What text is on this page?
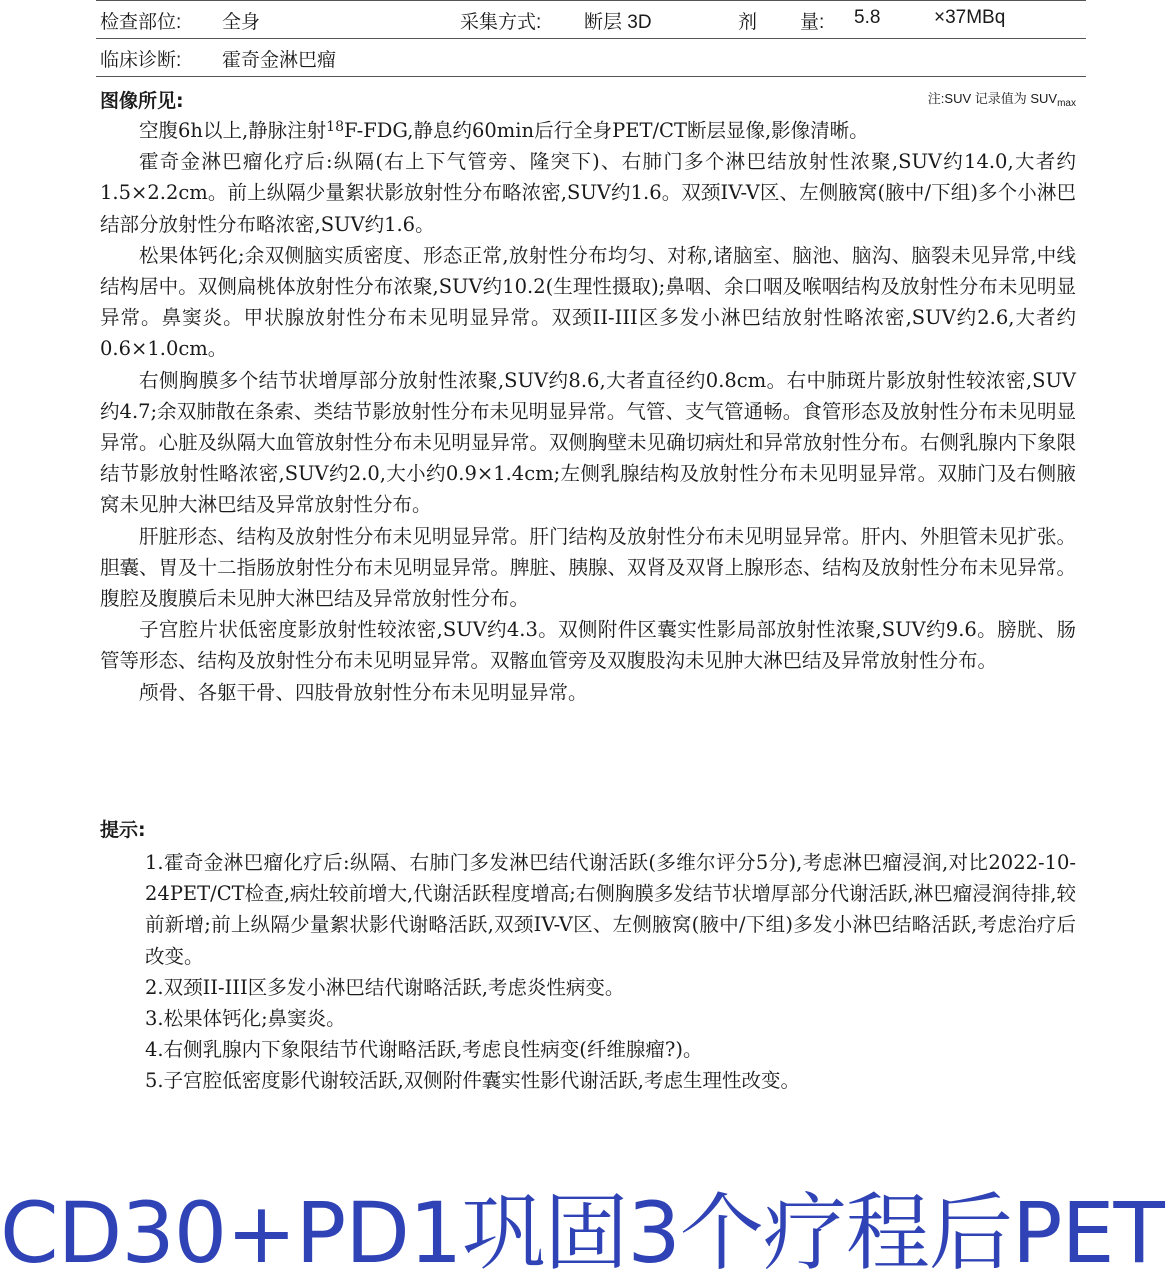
检查部位: 全身	采集方式: 断层 3D	剂 量: 5.8	×37MBq
临床诊断: 霍奇金淋巴瘤
图像所见:	注:SUV 记录值为 $SUV_{max}$

空腹6h以上,静脉注射$^{18}$F-FDG,静息约60min后行全身PET/CT断层显像,影像清晰。

霍奇金淋巴瘤化疗后:纵隔(右上下气管旁、隆突下)、右肺门多个淋巴结放射性浓聚,SUV约14.0,大者约1.5×2.2cm。前上纵隔少量絮状影放射性分布略浓密,SUV约1.6。双颈IV-V区、左侧腋窝(腋中/下组)多个小淋巴结部分放射性分布略浓密,SUV约1.6。

松果体钙化;余双侧脑实质密度、形态正常,放射性分布均匀、对称,诸脑室、脑池、脑沟、脑裂未见异常,中线结构居中。双侧扁桃体放射性分布浓聚,SUV约10.2(生理性摄取);鼻咽、余口咽及喉咽结构及放射性分布未见明显异常。鼻窦炎。甲状腺放射性分布未见明显异常。双颈II-III区多发小淋巴结放射性略浓密,SUV约2.6,大者约0.6×1.0cm。

右侧胸膜多个结节状增厚部分放射性浓聚,SUV约8.6,大者直径约0.8cm。右中肺斑片影放射性较浓密,SUV约4.7;余双肺散在条索、类结节影放射性分布未见明显异常。气管、支气管通畅。食管形态及放射性分布未见明显异常。心脏及纵隔大血管放射性分布未见明显异常。双侧胸壁未见确切病灶和异常放射性分布。右侧乳腺内下象限结节影放射性略浓密,SUV约2.0,大小约0.9×1.4cm;左侧乳腺结构及放射性分布未见明显异常。双肺门及右侧腋窝未见肿大淋巴结及异常放射性分布。

肝脏形态、结构及放射性分布未见明显异常。肝门结构及放射性分布未见明显异常。肝内、外胆管未见扩张。胆囊、胃及十二指肠放射性分布未见明显异常。脾脏、胰腺、双肾及双肾上腺形态、结构及放射性分布未见异常。腹腔及腹膜后未见肿大淋巴结及异常放射性分布。

子宫腔片状低密度影放射性较浓密,SUV约4.3。双侧附件区囊实性影局部放射性浓聚,SUV约9.6。膀胱、肠管等形态、结构及放射性分布未见明显异常。双髂血管旁及双腹股沟未见肿大淋巴结及异常放射性分布。

颅骨、各躯干骨、四肢骨放射性分布未见明显异常。

提示:

1.霍奇金淋巴瘤化疗后:纵隔、右肺门多发淋巴结代谢活跃(多维尔评分5分),考虑淋巴瘤浸润,对比2022-10-24PET/CT检查,病灶较前增大,代谢活跃程度增高;右侧胸膜多发结节状增厚部分代谢活跃,淋巴瘤浸润待排,较前新增;前上纵隔少量絮状影代谢略活跃,双颈IV-V区、左侧腋窝(腋中/下组)多发小淋巴结略活跃,考虑治疗后改变。

2.双颈II-III区多发小淋巴结代谢略活跃,考虑炎性病变。

3.松果体钙化;鼻窦炎。

4.右侧乳腺内下象限结节代谢略活跃,考虑良性病变(纤维腺瘤?)。

5.子宫腔低密度影代谢较活跃,双侧附件囊实性影代谢活跃,考虑生理性改变。

CD30+PD1巩固3个疗程后PET
